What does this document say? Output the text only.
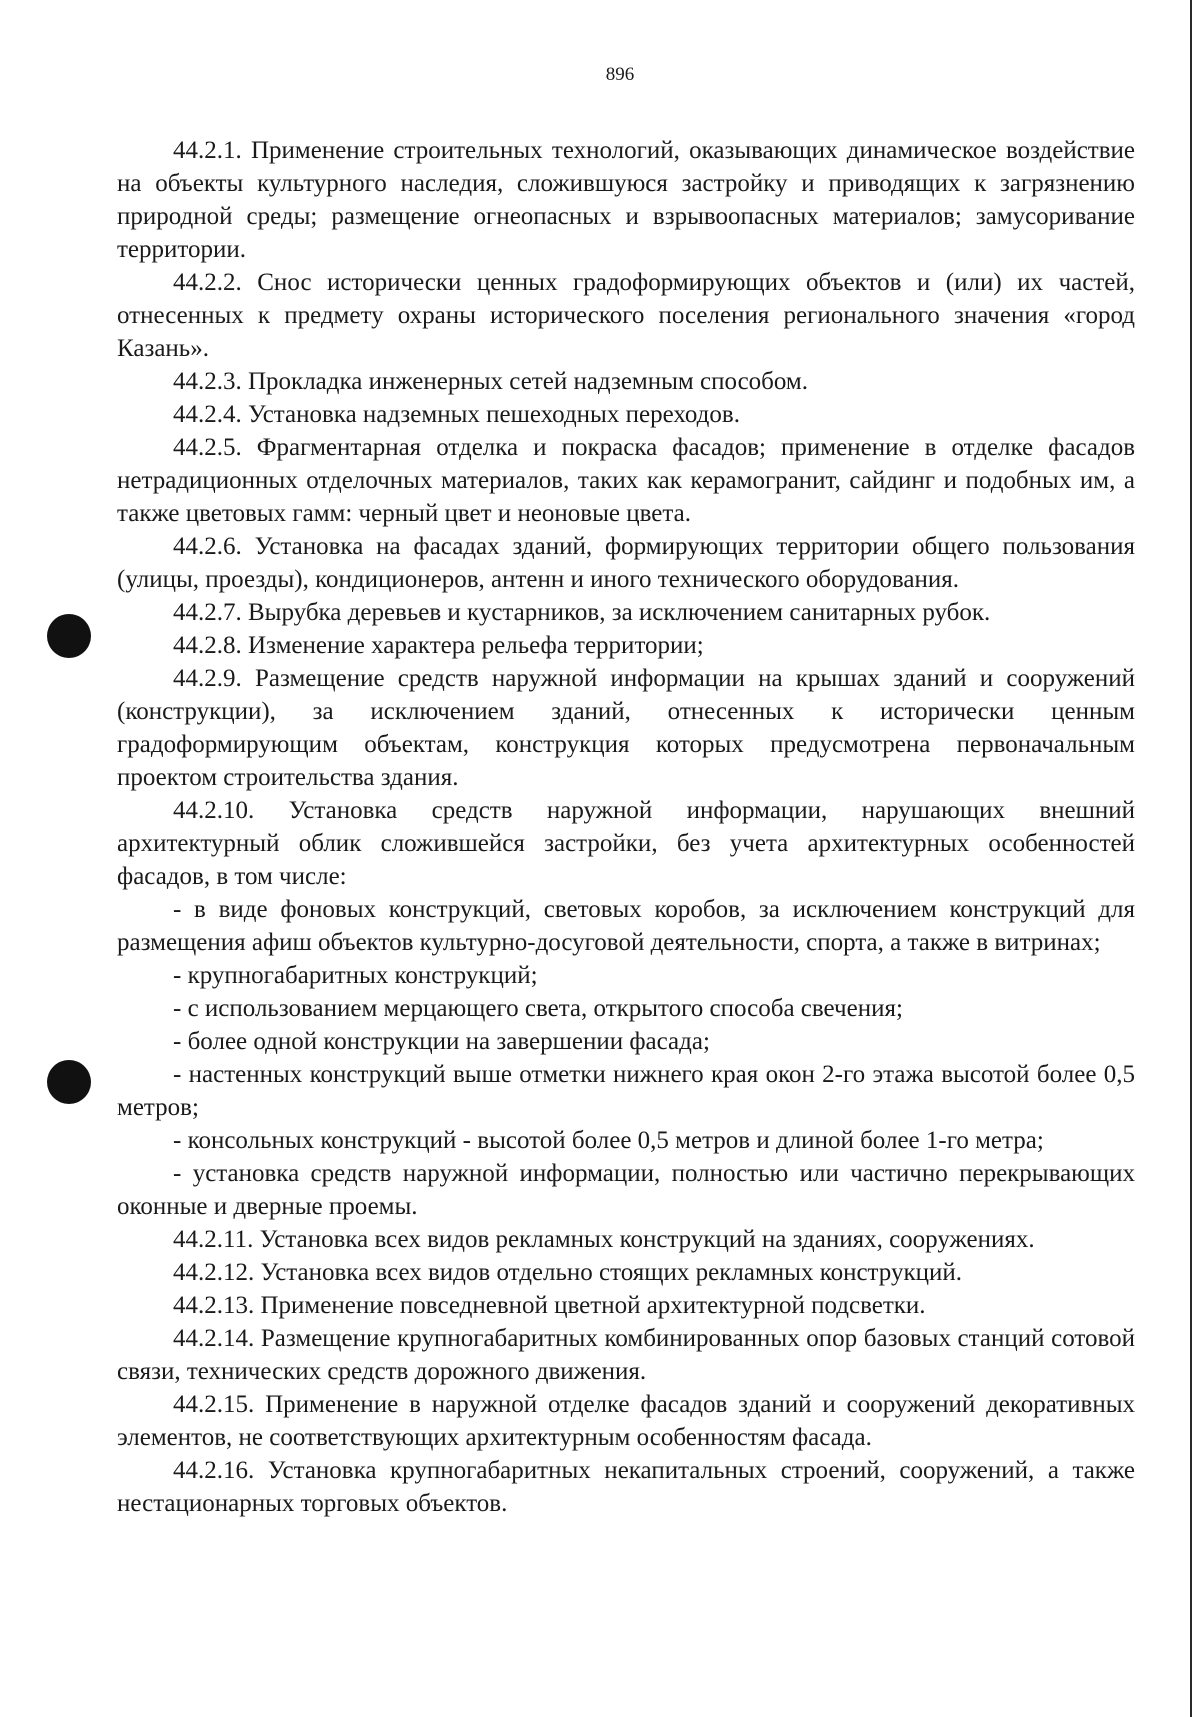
896

44.2.1. Применение строительных технологий, оказывающих динамическое воздействие на объекты культурного наследия, сложившуюся застройку и приводящих к загрязнению природной среды; размещение огнеопасных и взрывоопасных материалов; замусоривание территории.

44.2.2. Снос исторически ценных градоформирующих объектов и (или) их частей, отнесенных к предмету охраны исторического поселения регионального значения «город Казань».

44.2.3. Прокладка инженерных сетей надземным способом.

44.2.4. Установка надземных пешеходных переходов.

44.2.5. Фрагментарная отделка и покраска фасадов; применение в отделке фасадов нетрадиционных отделочных материалов, таких как керамогранит, сайдинг и подобных им, а также цветовых гамм: черный цвет и неоновые цвета.

44.2.6. Установка на фасадах зданий, формирующих территории общего пользования (улицы, проезды), кондиционеров, антенн и иного технического оборудования.

44.2.7. Вырубка деревьев и кустарников, за исключением санитарных рубок.

44.2.8. Изменение характера рельефа территории;

44.2.9. Размещение средств наружной информации на крышах зданий и сооружений (конструкции), за исключением зданий, отнесенных к исторически ценным градоформирующим объектам, конструкция которых предусмотрена первоначальным проектом строительства здания.

44.2.10. Установка средств наружной информации, нарушающих внешний архитектурный облик сложившейся застройки, без учета архитектурных особенностей фасадов, в том числе:

- в виде фоновых конструкций, световых коробов, за исключением конструкций для размещения афиш объектов культурно-досуговой деятельности, спорта, а также в витринах;

- крупногабаритных конструкций;

- с использованием мерцающего света, открытого способа свечения;

- более одной конструкции на завершении фасада;

- настенных конструкций выше отметки нижнего края окон 2-го этажа высотой более 0,5 метров;

- консольных конструкций - высотой более 0,5 метров и длиной более 1-го метра;

- установка средств наружной информации, полностью или частично перекрывающих оконные и дверные проемы.

44.2.11. Установка всех видов рекламных конструкций на зданиях, сооружениях.

44.2.12. Установка всех видов отдельно стоящих рекламных конструкций.

44.2.13. Применение повседневной цветной архитектурной подсветки.

44.2.14. Размещение крупногабаритных комбинированных опор базовых станций сотовой связи, технических средств дорожного движения.

44.2.15. Применение в наружной отделке фасадов зданий и сооружений декоративных элементов, не соответствующих архитектурным особенностям фасада.

44.2.16. Установка крупногабаритных некапитальных строений, сооружений, а также нестационарных торговых объектов.
